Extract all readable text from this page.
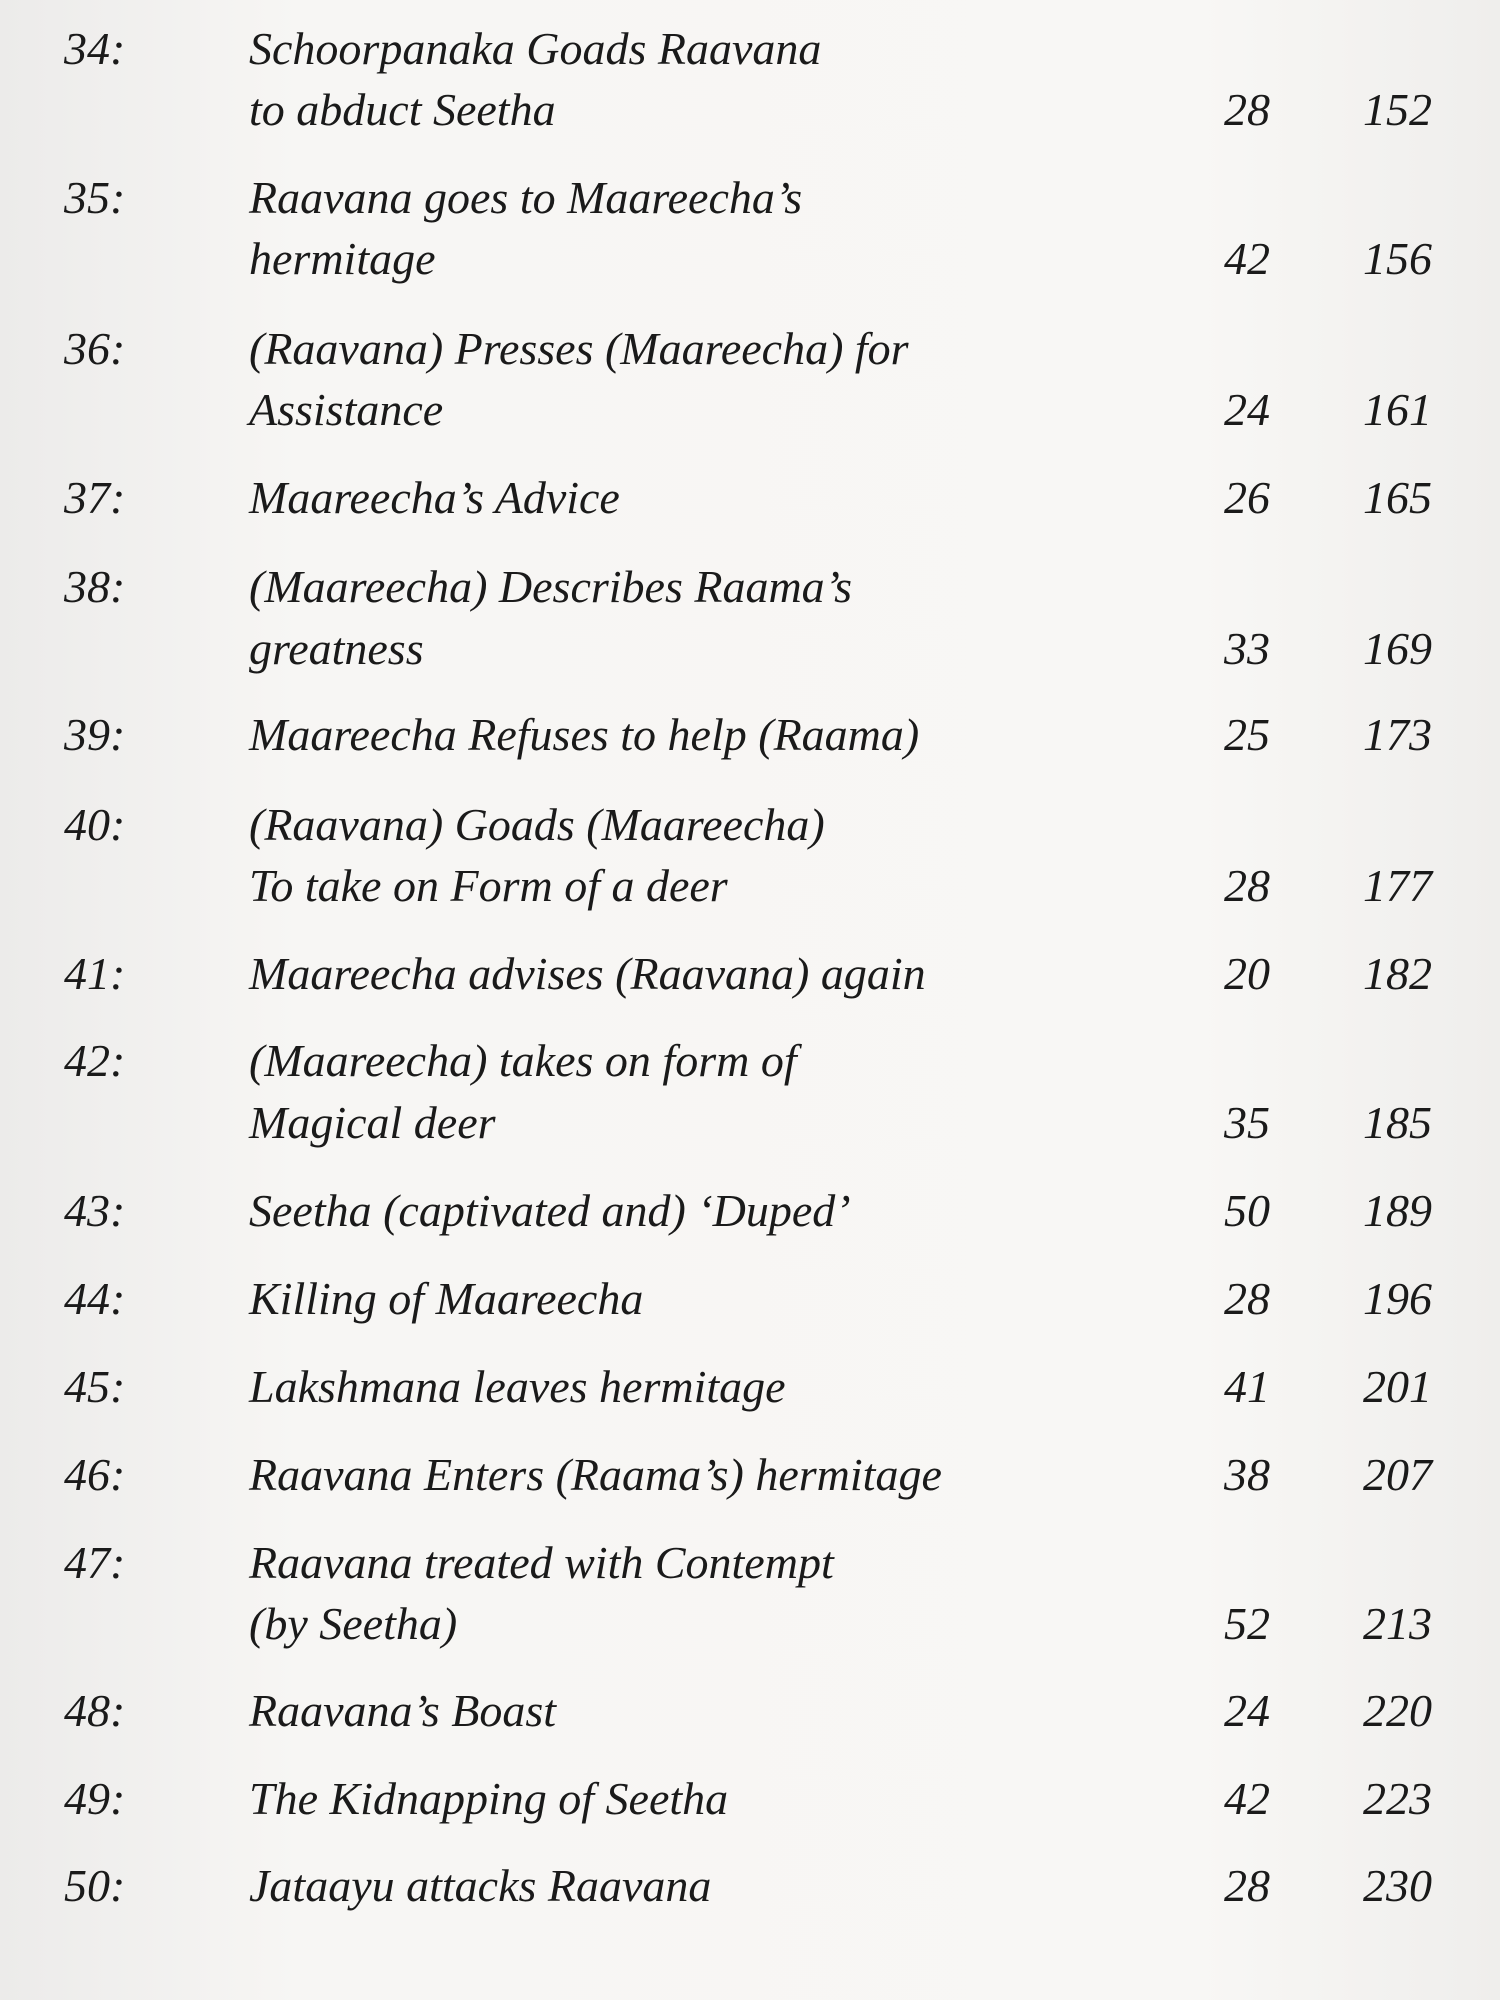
34:	Schoorpanaka Goads Raavana
to abduct Seetha	28	152
35:	Raavana goes to Maareecha’s
hermitage	42	156
36:	(Raavana) Presses (Maareecha) for
Assistance	24	161
37:	Maareecha’s Advice	26	165
38:	(Maareecha) Describes Raama’s
greatness	33	169
39:	Maareecha Refuses to help (Raama)	25	173
40:	(Raavana) Goads (Maareecha)
To take on Form of a deer	28	177
41:	Maareecha advises (Raavana) again	20	182
42:	(Maareecha) takes on form of
Magical deer	35	185
43:	Seetha (captivated and) ‘Duped’	50	189
44:	Killing of Maareecha	28	196
45:	Lakshmana leaves hermitage	41	201
46:	Raavana Enters (Raama’s) hermitage	38	207
47:	Raavana treated with Contempt
(by Seetha)	52	213
48:	Raavana’s Boast	24	220
49:	The Kidnapping of Seetha	42	223
50:	Jataayu attacks Raavana	28	230
